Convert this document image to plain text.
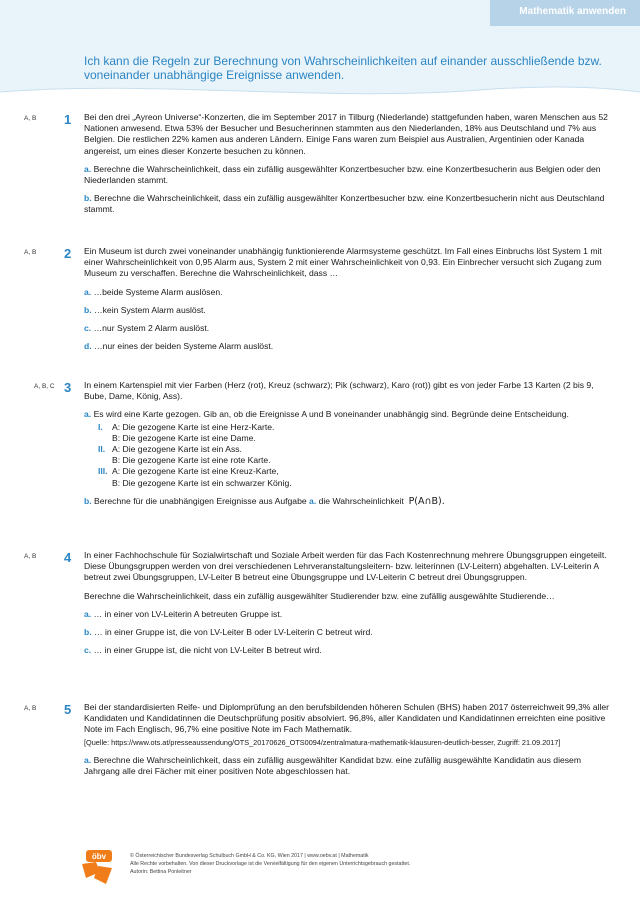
Mathematik anwenden
Ich kann die Regeln zur Berechnung von Wahrscheinlichkeiten auf einander ausschließende bzw. voneinander unabhängige Ereignisse anwenden.
A, B 1 Bei den drei „Ayreon Universe“-Konzerten, die im September 2017 in Tilburg (Niederlande) stattgefunden haben, waren Menschen aus 52 Nationen anwesend. Etwa 53% der Besucher und Besucherinnen stammten aus den Niederlanden, 18% aus Deutschland und 7% aus Belgien. Die restlichen 22% kamen aus anderen Ländern. Einige Fans waren zum Beispiel aus Australien, Argentinien oder Kanada angereist, um eines dieser Konzerte besuchen zu können.

a. Berechne die Wahrscheinlichkeit, dass ein zufällig ausgewählter Konzertbesucher bzw. eine Konzertbesucherin aus Belgien oder den Niederlanden stammt.

b. Berechne die Wahrscheinlichkeit, dass ein zufällig ausgewählter Konzertbesucher bzw. eine Konzertbesucherin nicht aus Deutschland stammt.

A, B 2 Ein Museum ist durch zwei voneinander unabhängig funktionierende Alarmsysteme geschützt. Im Fall eines Einbruchs löst System 1 mit einer Wahrscheinlichkeit von 0,95 Alarm aus, System 2 mit einer Wahrscheinlichkeit von 0,93. Ein Einbrecher versucht sich Zugang zum Museum zu verschaffen. Berechne die Wahrscheinlichkeit, dass …

a. …beide Systeme Alarm auslösen.

b. …kein System Alarm auslöst.

c. …nur System 2 Alarm auslöst.

d. …nur eines der beiden Systeme Alarm auslöst.

A, B, C 3 In einem Kartenspiel mit vier Farben (Herz (rot), Kreuz (schwarz); Pik (schwarz), Karo (rot)) gibt es von jeder Farbe 13 Karten (2 bis 9, Bube, Dame, König, Ass).

a. Es wird eine Karte gezogen. Gib an, ob die Ereignisse A und B voneinander unabhängig sind. Begründe deine Entscheidung.

I.	A: Die gezogene Karte ist eine Herz-Karte.
B: Die gezogene Karte ist eine Dame.
II. A: Die gezogene Karte ist ein Ass.
B: Die gezogene Karte ist eine rote Karte.
III. A: Die gezogene Karte ist eine Kreuz-Karte,
B: Die gezogene Karte ist ein schwarzer König.

b. Berechne für die unabhängigen Ereignisse aus Aufgabe a. die Wahrscheinlichkeit P(A∩B).

A, B 4 In einer Fachhochschule für Sozialwirtschaft und Soziale Arbeit werden für das Fach Kostenrechnung mehrere Übungsgruppen eingeteilt. Diese Übungsgruppen werden von drei verschiedenen Lehrveranstaltungsleitern- bzw. leiterinnen (LV-Leitern) abgehalten. LV-Leiterin A betreut zwei Übungsgruppen, LV-Leiter B betreut eine Übungsgruppe und LV-Leiterin C betreut drei Übungsgruppen.

Berechne die Wahrscheinlichkeit, dass ein zufällig ausgewählter Studierender bzw. eine zufällig ausgewählte Studierende…

a. … in einer von LV-Leiterin A betreuten Gruppe ist.

b. … in einer Gruppe ist, die von LV-Leiter B oder LV-Leiterin C betreut wird.

c. … in einer Gruppe ist, die nicht von LV-Leiter B betreut wird.

A, B 5 Bei der standardisierten Reife- und Diplomprüfung an den berufsbildenden höheren Schulen (BHS) haben 2017 österreichweit 99,3% aller Kandidaten und Kandidatinnen die Deutschprüfung positiv absolviert. 96,8%, aller Kandidaten und Kandidatinnen erreichten eine positive Note im Fach Englisch, 96,7% eine positive Note im Fach Mathematik.

[Quelle: https://www.ots.at/presseaussendung/OTS_20170626_OTS0094/zentralmatura-mathematik-klausuren-deutlich-besser, Zugriff: 21.09.2017]

a. Berechne die Wahrscheinlichkeit, dass ein zufällig ausgewählter Kandidat bzw. eine zufällig ausgewählte Kandidatin aus diesem Jahrgang alle drei Fächer mit einer positiven Note abgeschlossen hat.

öbv	© Österreichischer Bundesverlag Schulbuch GmbH & Co. KG, Wien 2017 | www.oebv.at | Mathematik
Alle Rechte vorbehalten. Von dieser Druckvorlage ist die Vervielfältigung für den eigenen Unterrichtsgebrauch gestattet.
Autorin: Bettina Ponleitner
